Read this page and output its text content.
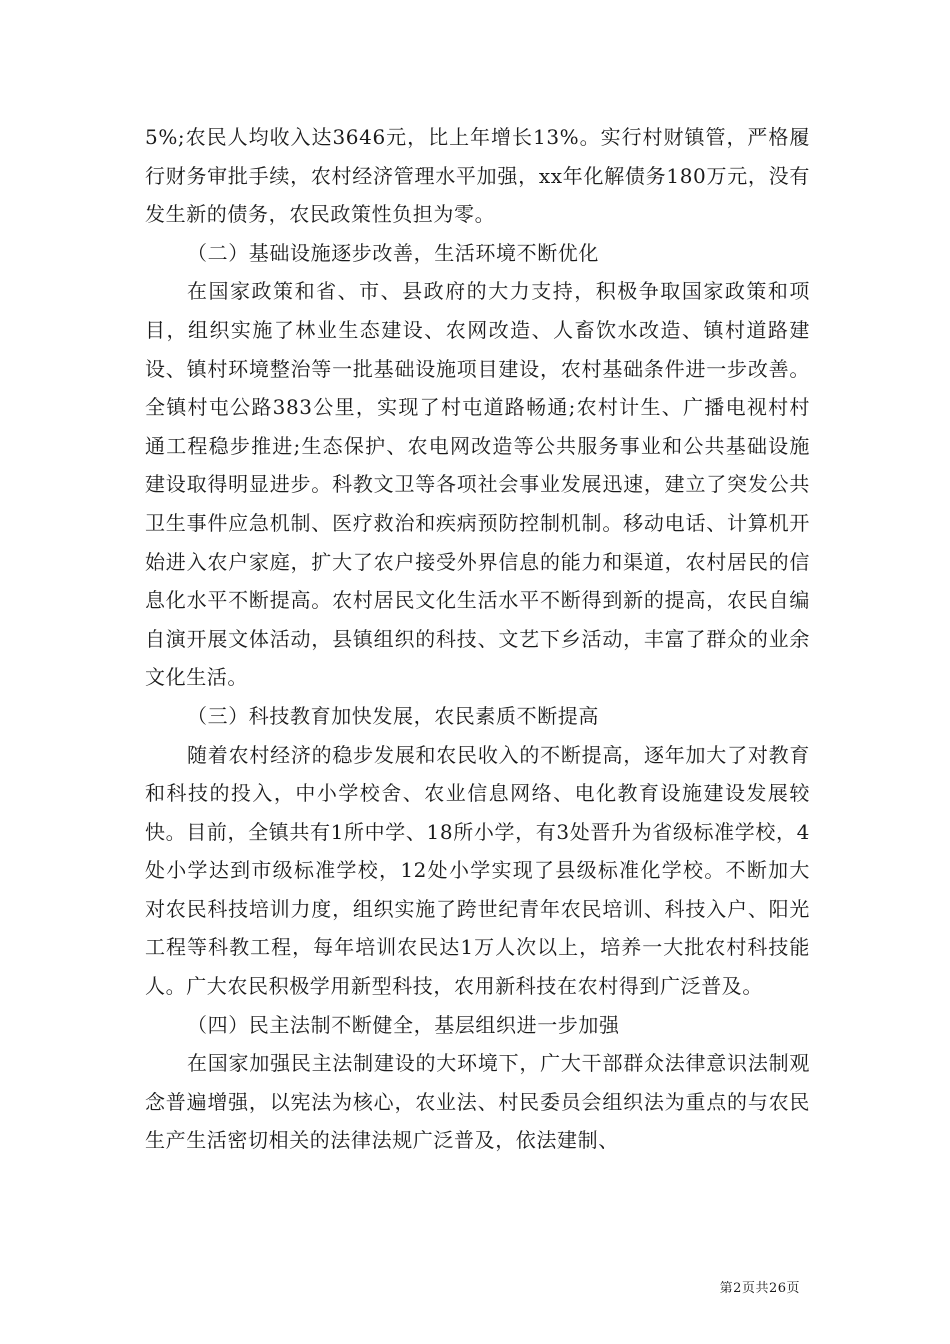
5%;农民人均收入达3646元，比上年增长13%。实行村财镇管，严格履行财务审批手续，农村经济管理水平加强，xx年化解债务180万元，没有发生新的债务，农民政策性负担为零。

（二）基础设施逐步改善，生活环境不断优化

在国家政策和省、市、县政府的大力支持，积极争取国家政策和项目，组织实施了林业生态建设、农网改造、人畜饮水改造、镇村道路建设、镇村环境整治等一批基础设施项目建设，农村基础条件进一步改善。全镇村屯公路383公里，实现了村屯道路畅通;农村计生、广播电视村村通工程稳步推进;生态保护、农电网改造等公共服务事业和公共基础设施建设取得明显进步。科教文卫等各项社会事业发展迅速，建立了突发公共卫生事件应急机制、医疗救治和疾病预防控制机制。移动电话、计算机开始进入农户家庭，扩大了农户接受外界信息的能力和渠道，农村居民的信息化水平不断提高。农村居民文化生活水平不断得到新的提高，农民自编自演开展文体活动，县镇组织的科技、文艺下乡活动，丰富了群众的业余文化生活。

（三）科技教育加快发展，农民素质不断提高

随着农村经济的稳步发展和农民收入的不断提高，逐年加大了对教育和科技的投入，中小学校舍、农业信息网络、电化教育设施建设发展较快。目前，全镇共有1所中学、18所小学，有3处晋升为省级标准学校，4处小学达到市级标准学校，12处小学实现了县级标准化学校。不断加大对农民科技培训力度，组织实施了跨世纪青年农民培训、科技入户、阳光工程等科教工程，每年培训农民达1万人次以上，培养一大批农村科技能人。广大农民积极学用新型科技，农用新科技在农村得到广泛普及。

（四）民主法制不断健全，基层组织进一步加强

在国家加强民主法制建设的大环境下，广大干部群众法律意识法制观念普遍增强，以宪法为核心，农业法、村民委员会组织法为重点的与农民生产生活密切相关的法律法规广泛普及，依法建制、

第2页共26页
